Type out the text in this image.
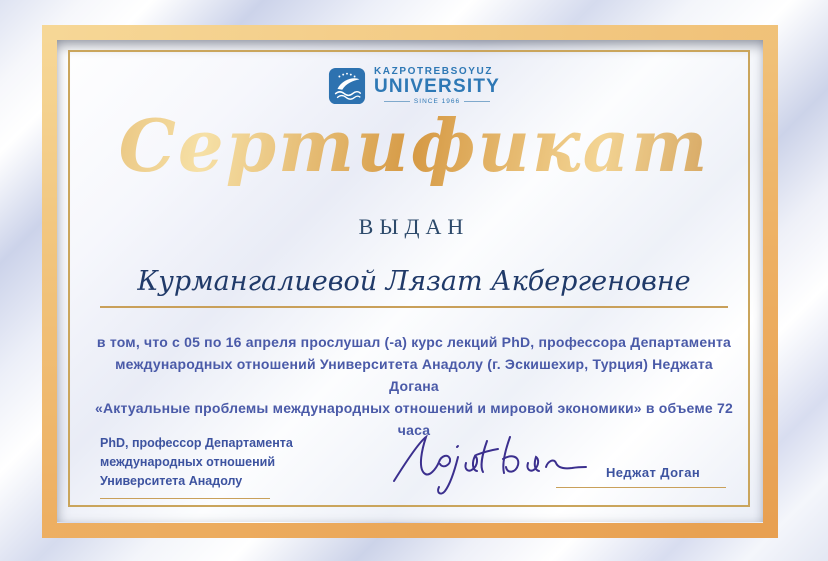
KAZPOTREBSOYUZ
UNIVERSITY
Сертификат
ВЫДАН
Курмангалиевой Лязат Акбергеновне
в том, что с 05 по 16 апреля прослушал (-а) курс лекций PhD, профессора Департамента
международных отношений Университета Анадолу (г. Эскишехир, Турция) Неджата Догана
«Актуальные проблемы международных отношений и мировой экономики» в объеме 72 часа
PhD, профессор Департамента
международных отношений
Университета Анадолу
Неджат Доган
